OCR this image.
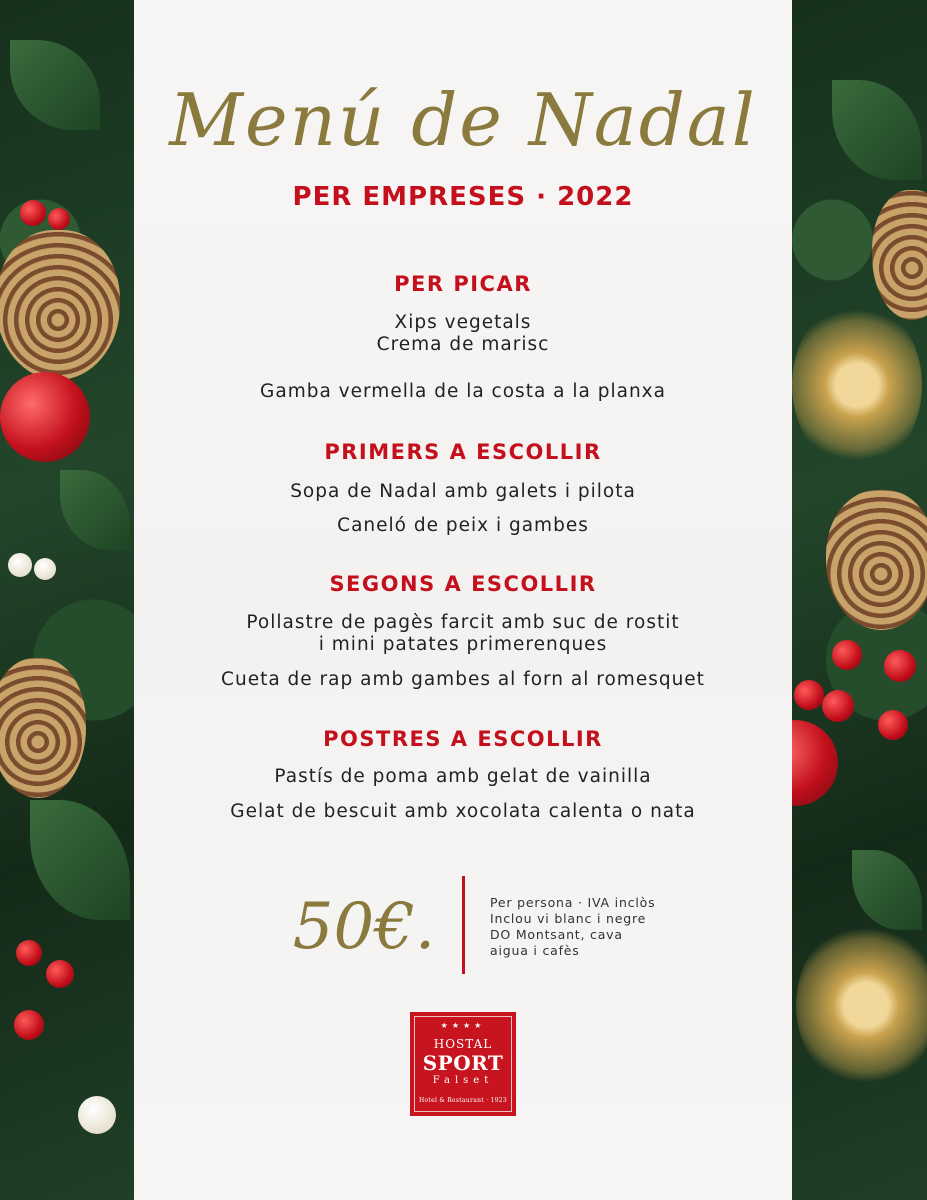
Menú de Nadal
PER EMPRESES · 2022
PER PICAR

Xips vegetals

Crema de marisc

Gamba vermella de la costa a la planxa

PRIMERS A ESCOLLIR

Sopa de Nadal amb galets i pilota

Caneló de peix i gambes

SEGONS A ESCOLLIR

Pollastre de pagès farcit amb suc de rostit

i mini patates primerenques

Cueta de rap amb gambes al forn al romesquet

POSTRES A ESCOLLIR

Pastís de poma amb gelat de vainilla

Gelat de bescuit amb xocolata calenta o nata

50€.	Per persona · IVA inclòs
Inclou vi blanc i negre
DO Montsant, cava
aigua i cafès
★★★★
HOSTAL
SPORT
Falset
Hotel & Restaurant · 1923
